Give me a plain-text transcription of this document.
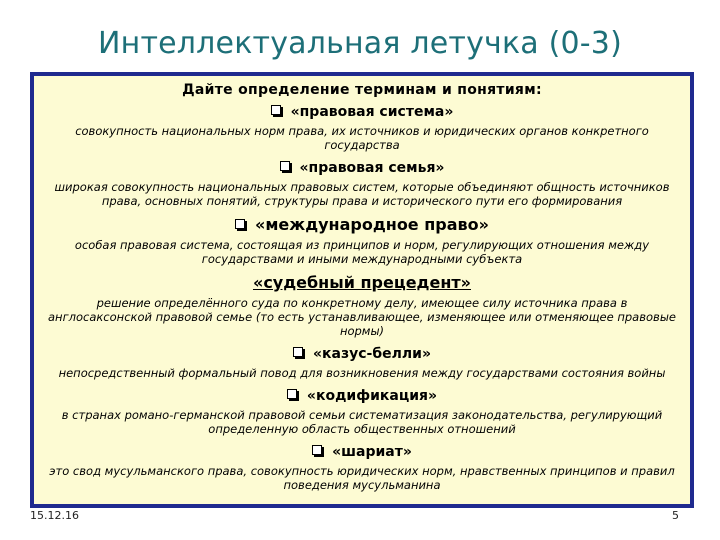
Интеллектуальная летучка (0-3)
Дайте определение терминам и понятиям:
«правовая система»
совокупность национальных норм права, их источников и юридических органов конкретного государства
«правовая семья»
широкая совокупность национальных правовых систем, которые объединяют общность источников права, основных понятий, структуры права и исторического пути его формирования
«международное право»
особая правовая система, состоящая из принципов и норм, регулирующих отношения между государствами и иными международными субъекта
«судебный прецедент»
решение определённого суда по конкретному делу, имеющее силу источника права в англосаксонской правовой семье (то есть устанавливающее, изменяющее или отменяющее правовые нормы)
«казус-белли»
непосредственный формальный повод для возникновения между государствами состояния войны
«кодификация»
в странах романо-германской правовой семьи систематизация законодательства, регулирующий определенную область общественных отношений
«шариат»
это свод мусульманского права, совокупность юридических норм, нравственных принципов и правил поведения мусульманина
15.12.16	5
